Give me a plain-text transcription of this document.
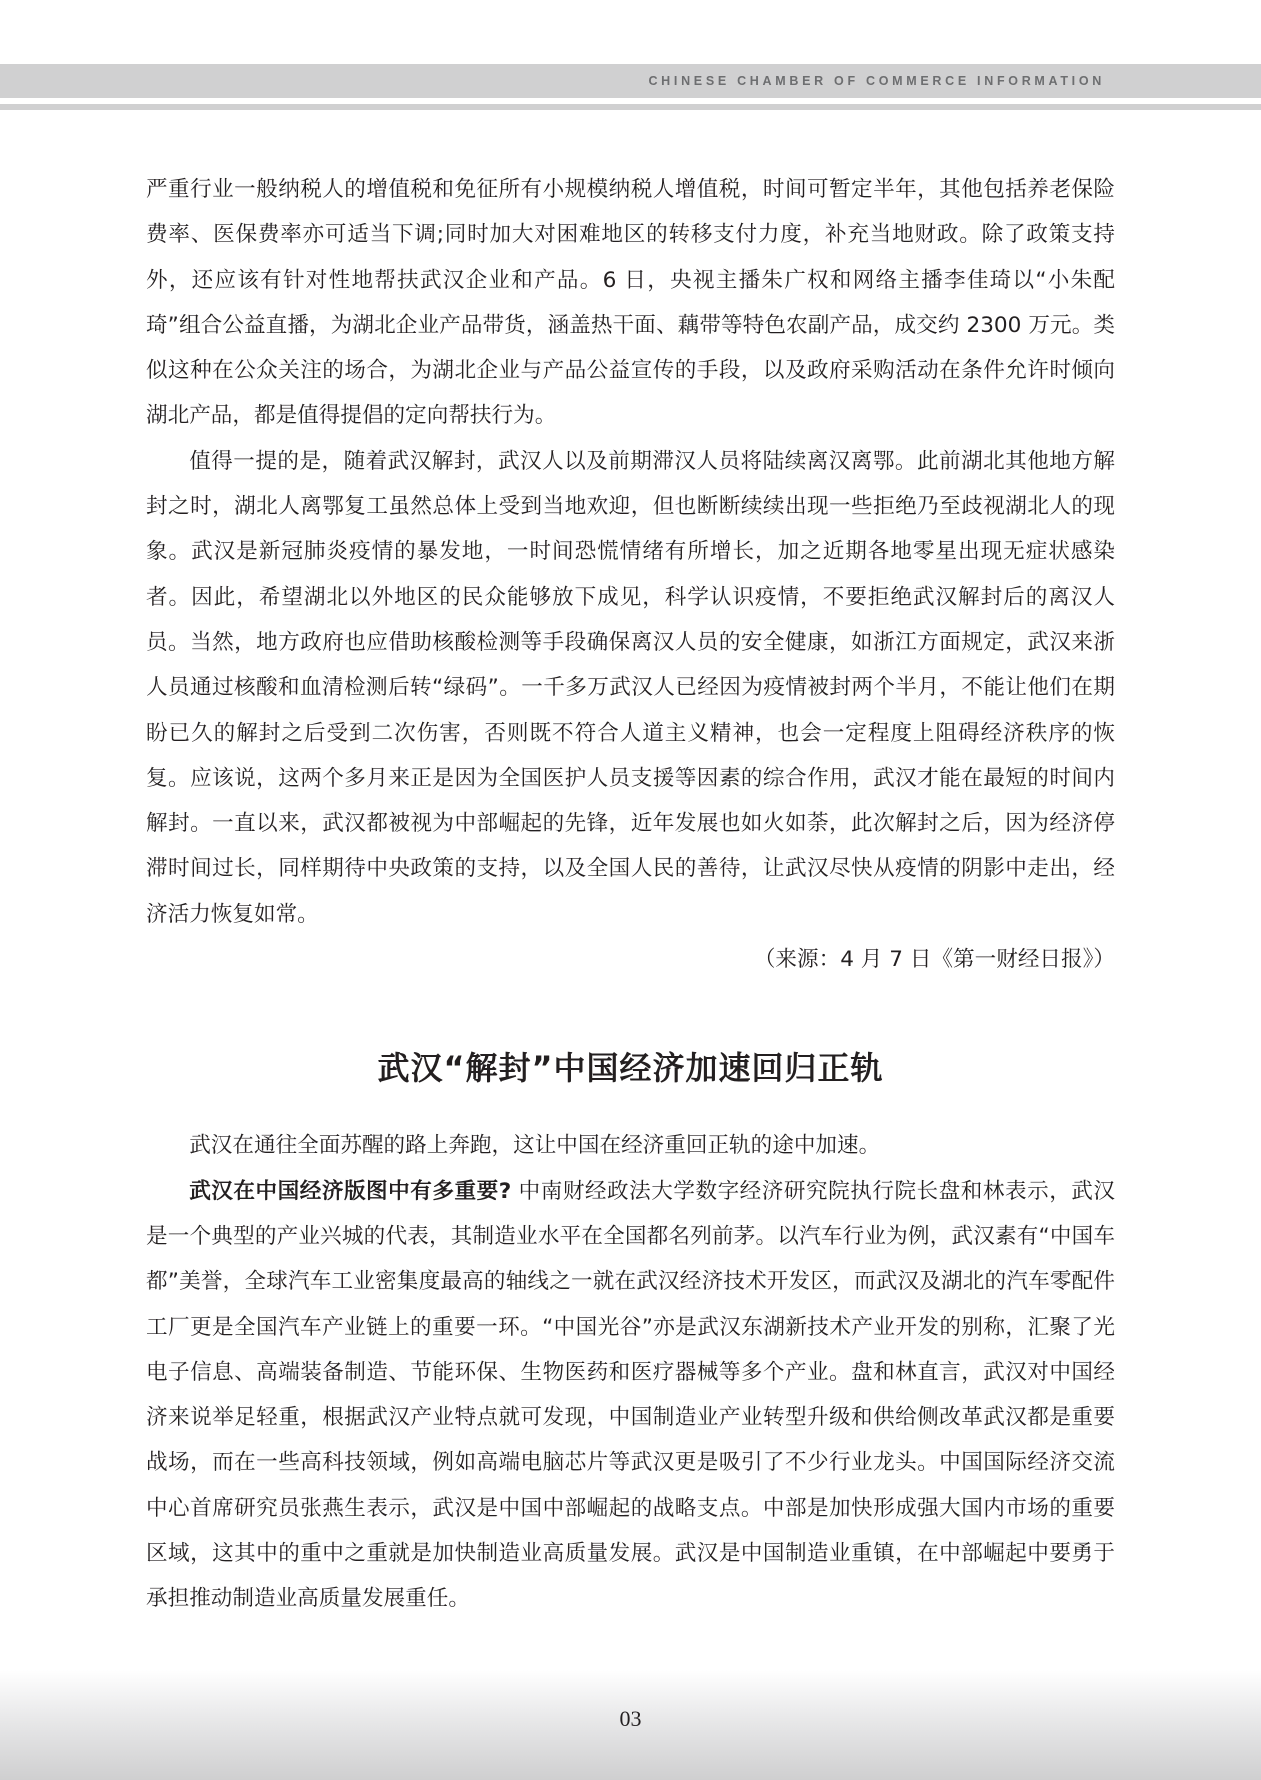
CHINESE CHAMBER OF COMMERCE INFORMATION

严重行业一般纳税人的增值税和免征所有小规模纳税人增值税，时间可暂定半年，其他包括养老保险费率、医保费率亦可适当下调;同时加大对困难地区的转移支付力度，补充当地财政。除了政策支持外，还应该有针对性地帮扶武汉企业和产品。6 日，央视主播朱广权和网络主播李佳琦以“小朱配琦”组合公益直播，为湖北企业产品带货，涵盖热干面、藕带等特色农副产品，成交约 2300 万元。类似这种在公众关注的场合，为湖北企业与产品公益宣传的手段，以及政府采购活动在条件允许时倾向湖北产品，都是值得提倡的定向帮扶行为。

值得一提的是，随着武汉解封，武汉人以及前期滞汉人员将陆续离汉离鄂。此前湖北其他地方解封之时，湖北人离鄂复工虽然总体上受到当地欢迎，但也断断续续出现一些拒绝乃至歧视湖北人的现象。武汉是新冠肺炎疫情的暴发地，一时间恐慌情绪有所增长，加之近期各地零星出现无症状感染者。因此，希望湖北以外地区的民众能够放下成见，科学认识疫情，不要拒绝武汉解封后的离汉人员。当然，地方政府也应借助核酸检测等手段确保离汉人员的安全健康，如浙江方面规定，武汉来浙人员通过核酸和血清检测后转“绿码”。一千多万武汉人已经因为疫情被封两个半月，不能让他们在期盼已久的解封之后受到二次伤害，否则既不符合人道主义精神，也会一定程度上阻碍经济秩序的恢复。应该说，这两个多月来正是因为全国医护人员支援等因素的综合作用，武汉才能在最短的时间内解封。一直以来，武汉都被视为中部崛起的先锋，近年发展也如火如荼，此次解封之后，因为经济停滞时间过长，同样期待中央政策的支持，以及全国人民的善待，让武汉尽快从疫情的阴影中走出，经济活力恢复如常。

（来源：4 月 7 日《第一财经日报》）

武汉“解封”中国经济加速回归正轨

武汉在通往全面苏醒的路上奔跑，这让中国在经济重回正轨的途中加速。

武汉在中国经济版图中有多重要? 中南财经政法大学数字经济研究院执行院长盘和林表示，武汉是一个典型的产业兴城的代表，其制造业水平在全国都名列前茅。以汽车行业为例，武汉素有“中国车都”美誉，全球汽车工业密集度最高的轴线之一就在武汉经济技术开发区，而武汉及湖北的汽车零配件工厂更是全国汽车产业链上的重要一环。“中国光谷”亦是武汉东湖新技术产业开发的别称，汇聚了光电子信息、高端装备制造、节能环保、生物医药和医疗器械等多个产业。盘和林直言，武汉对中国经济来说举足轻重，根据武汉产业特点就可发现，中国制造业产业转型升级和供给侧改革武汉都是重要战场，而在一些高科技领域，例如高端电脑芯片等武汉更是吸引了不少行业龙头。中国国际经济交流中心首席研究员张燕生表示，武汉是中国中部崛起的战略支点。中部是加快形成强大国内市场的重要区域，这其中的重中之重就是加快制造业高质量发展。武汉是中国制造业重镇，在中部崛起中要勇于承担推动制造业高质量发展重任。

03
